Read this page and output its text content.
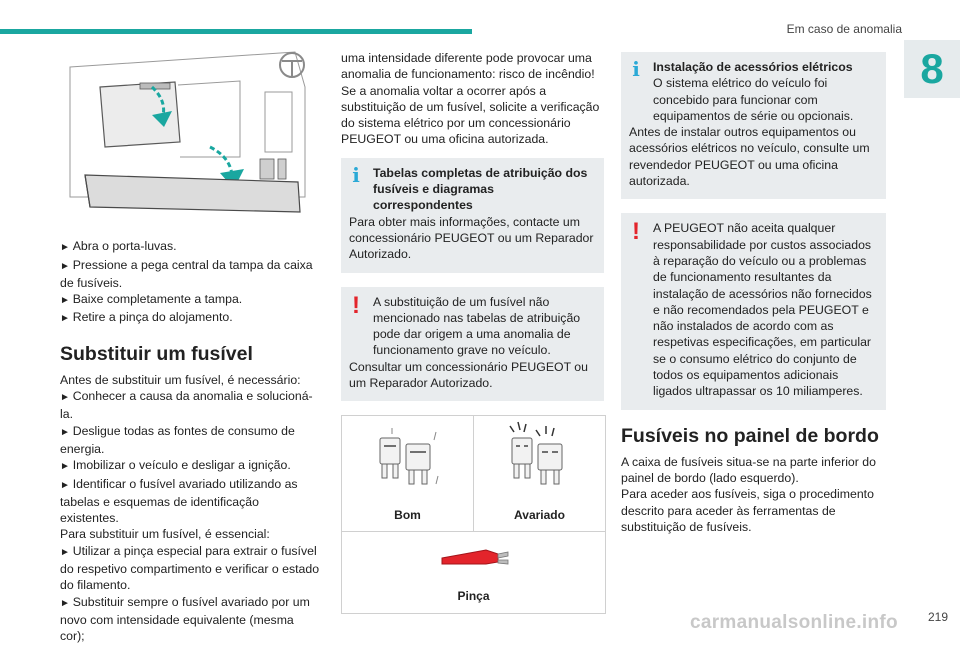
Em caso de anomalia
8

► Abra o porta-luvas.

► Pressione a pega central da tampa da caixa de fusíveis.

► Baixe completamente a tampa.

► Retire a pinça do alojamento.

Substituir um fusível

Antes de substituir um fusível, é necessário:

► Conhecer a causa da anomalia e solucioná-la.

► Desligue todas as fontes de consumo de energia.

► Imobilizar o veículo e desligar a ignição.

► Identificar o fusível avariado utilizando as tabelas e esquemas de identificação existentes.

Para substituir um fusível, é essencial:

► Utilizar a pinça especial para extrair o fusível do respetivo compartimento e verificar o estado do filamento.

► Substituir sempre o fusível avariado por um novo com intensidade equivalente (mesma cor);

uma intensidade diferente pode provocar uma anomalia de funcionamento: risco de incêndio! Se a anomalia voltar a ocorrer após a substituição de um fusível, solicite a verificação do sistema elétrico por um concessionário PEUGEOT ou uma oficina autorizada.

i	Tabelas completas de atribuição dos fusíveis e diagramas correspondentes

Para obter mais informações, contacte um concessionário PEUGEOT ou um Reparador Autorizado.

!	A substituição de um fusível não mencionado nas tabelas de atribuição pode dar origem a uma anomalia de funcionamento grave no veículo.

Consultar um concessionário PEUGEOT ou um Reparador Autorizado.

Bom	Avariado
Pinça
i	Instalação de acessórios elétricos

O sistema elétrico do veículo foi concebido para funcionar com equipamentos de série ou opcionais.

Antes de instalar outros equipamentos ou acessórios elétricos no veículo, consulte um revendedor PEUGEOT ou uma oficina autorizada.

!	A PEUGEOT não aceita qualquer responsabilidade por custos associados à reparação do veículo ou a problemas de funcionamento resultantes da instalação de acessórios não fornecidos e não recomendados pela PEUGEOT e não instalados de acordo com as respetivas especificações, em particular se o consumo elétrico do conjunto de todos os equipamentos adicionais ligados ultrapassar os 10 miliamperes.

Fusíveis no painel de bordo

A caixa de fusíveis situa-se na parte inferior do painel de bordo (lado esquerdo).

Para aceder aos fusíveis, siga o procedimento descrito para aceder às ferramentas de substituição de fusíveis.

carmanualsonline.info	219
